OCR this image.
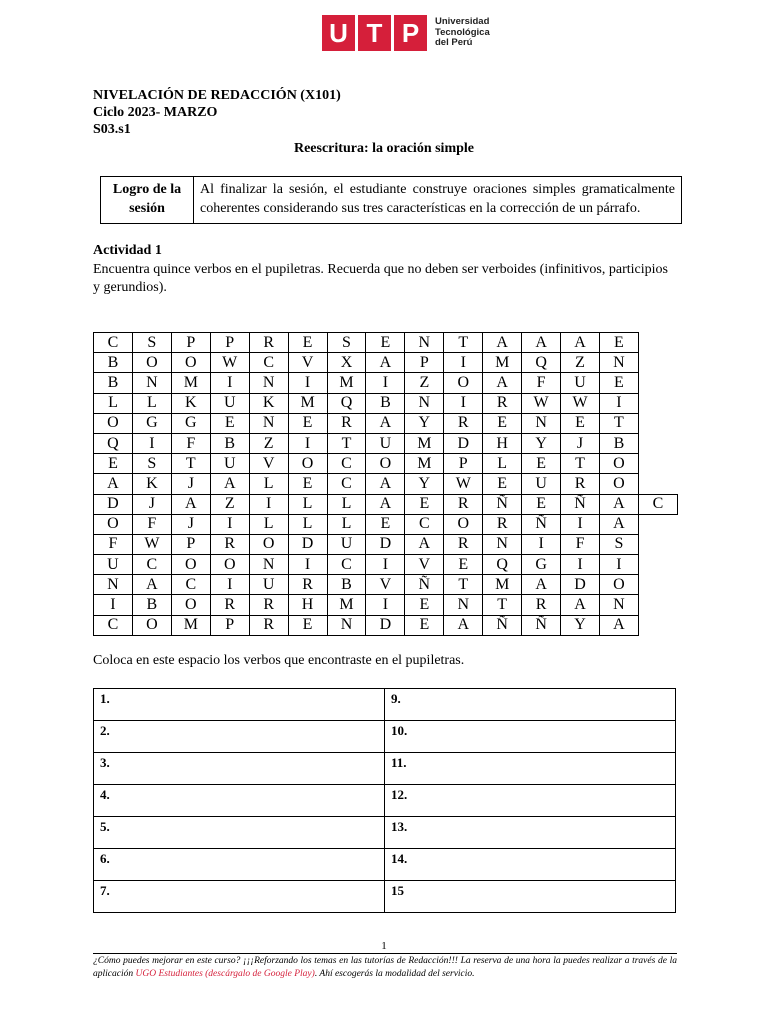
U T P	Universidad
Tecnológica
del Perú
NIVELACIÓN DE REDACCIÓN (X101)
Ciclo 2023- MARZO
S03.s1
Reescritura: la oración simple
Logro de la sesión	Al finalizar la sesión, el estudiante construye oraciones simples gramaticalmente coherentes considerando sus tres características en la corrección de un párrafo.
Actividad 1
Encuentra quince verbos en el pupiletras. Recuerda que no deben ser verboides (infinitivos, participios y gerundios).
C	S	P	P	R	E	S	E	N	T	A	A	A	E	
B	O	O	W	C	V	X	A	P	I	M	Q	Z	N	
B	N	M	I	N	I	M	I	Z	O	A	F	U	E	
L	L	K	U	K	M	Q	B	N	I	R	W	W	I	
O	G	G	E	N	E	R	A	Y	R	E	N	E	T	
Q	I	F	B	Z	I	T	U	M	D	H	Y	J	B	
E	S	T	U	V	O	C	O	M	P	L	E	T	O	
A	K	J	A	L	E	C	A	Y	W	E	U	R	O	
D	J	A	Z	I	L	L	A	E	R	Ñ	E	Ñ	A	C
O	F	J	I	L	L	L	E	C	O	R	Ñ	I	A	
F	W	P	R	O	D	U	D	A	R	N	I	F	S	
U	C	O	O	N	I	C	I	V	E	Q	G	I	I	
N	A	C	I	U	R	B	V	Ñ	T	M	A	D	O	
I	B	O	R	R	H	M	I	E	N	T	R	A	N	
C	O	M	P	R	E	N	D	E	A	Ñ	Ñ	Y	A	
Coloca en este espacio los verbos que encontraste en el pupiletras.
1.	9.
2.	10.
3.	11.
4.	12.
5.	13.
6.	14.
7.	15
1
¿Cómo puedes mejorar en este curso? ¡¡¡Reforzando los temas en las tutorías de Redacción!!! La reserva de una hora la puedes realizar a través de la aplicación UGO Estudiantes (descárgalo de Google Play). Ahí escogerás la modalidad del servicio.
